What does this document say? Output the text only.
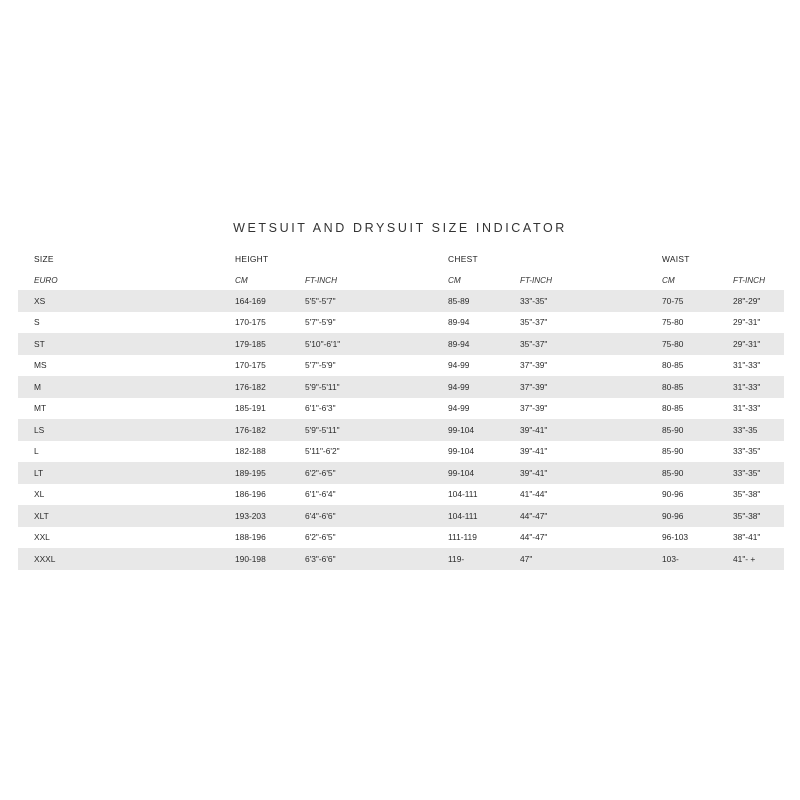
WETSUIT AND DRYSUIT SIZE INDICATOR
SIZE	HEIGHT	CHEST	WAIST
EURO	CM	FT-INCH	CM	FT-INCH	CM	FT-INCH
XS	164-169	5'5"-5'7"	85-89	33"-35"	70-75	28"-29"
S	170-175	5'7"-5'9"	89-94	35"-37"	75-80	29"-31"
ST	179-185	5'10"-6'1"	89-94	35"-37"	75-80	29"-31"
MS	170-175	5'7"-5'9"	94-99	37"-39"	80-85	31"-33"
M	176-182	5'9"-5'11"	94-99	37"-39"	80-85	31"-33"
MT	185-191	6'1"-6'3"	94-99	37"-39"	80-85	31"-33"
LS	176-182	5'9"-5'11"	99-104	39"-41"	85-90	33"-35
L	182-188	5'11"-6'2"	99-104	39"-41"	85-90	33"-35"
LT	189-195	6'2"-6'5"	99-104	39"-41"	85-90	33"-35"
XL	186-196	6'1"-6'4"	104-111	41"-44"	90-96	35"-38"
XLT	193-203	6'4"-6'6"	104-111	44"-47"	90-96	35"-38"
XXL	188-196	6'2"-6'5"	111-119	44"-47"	96-103	38"-41"
XXXL	190-198	6'3"-6'6"	119-	47"	103-	41"- +
